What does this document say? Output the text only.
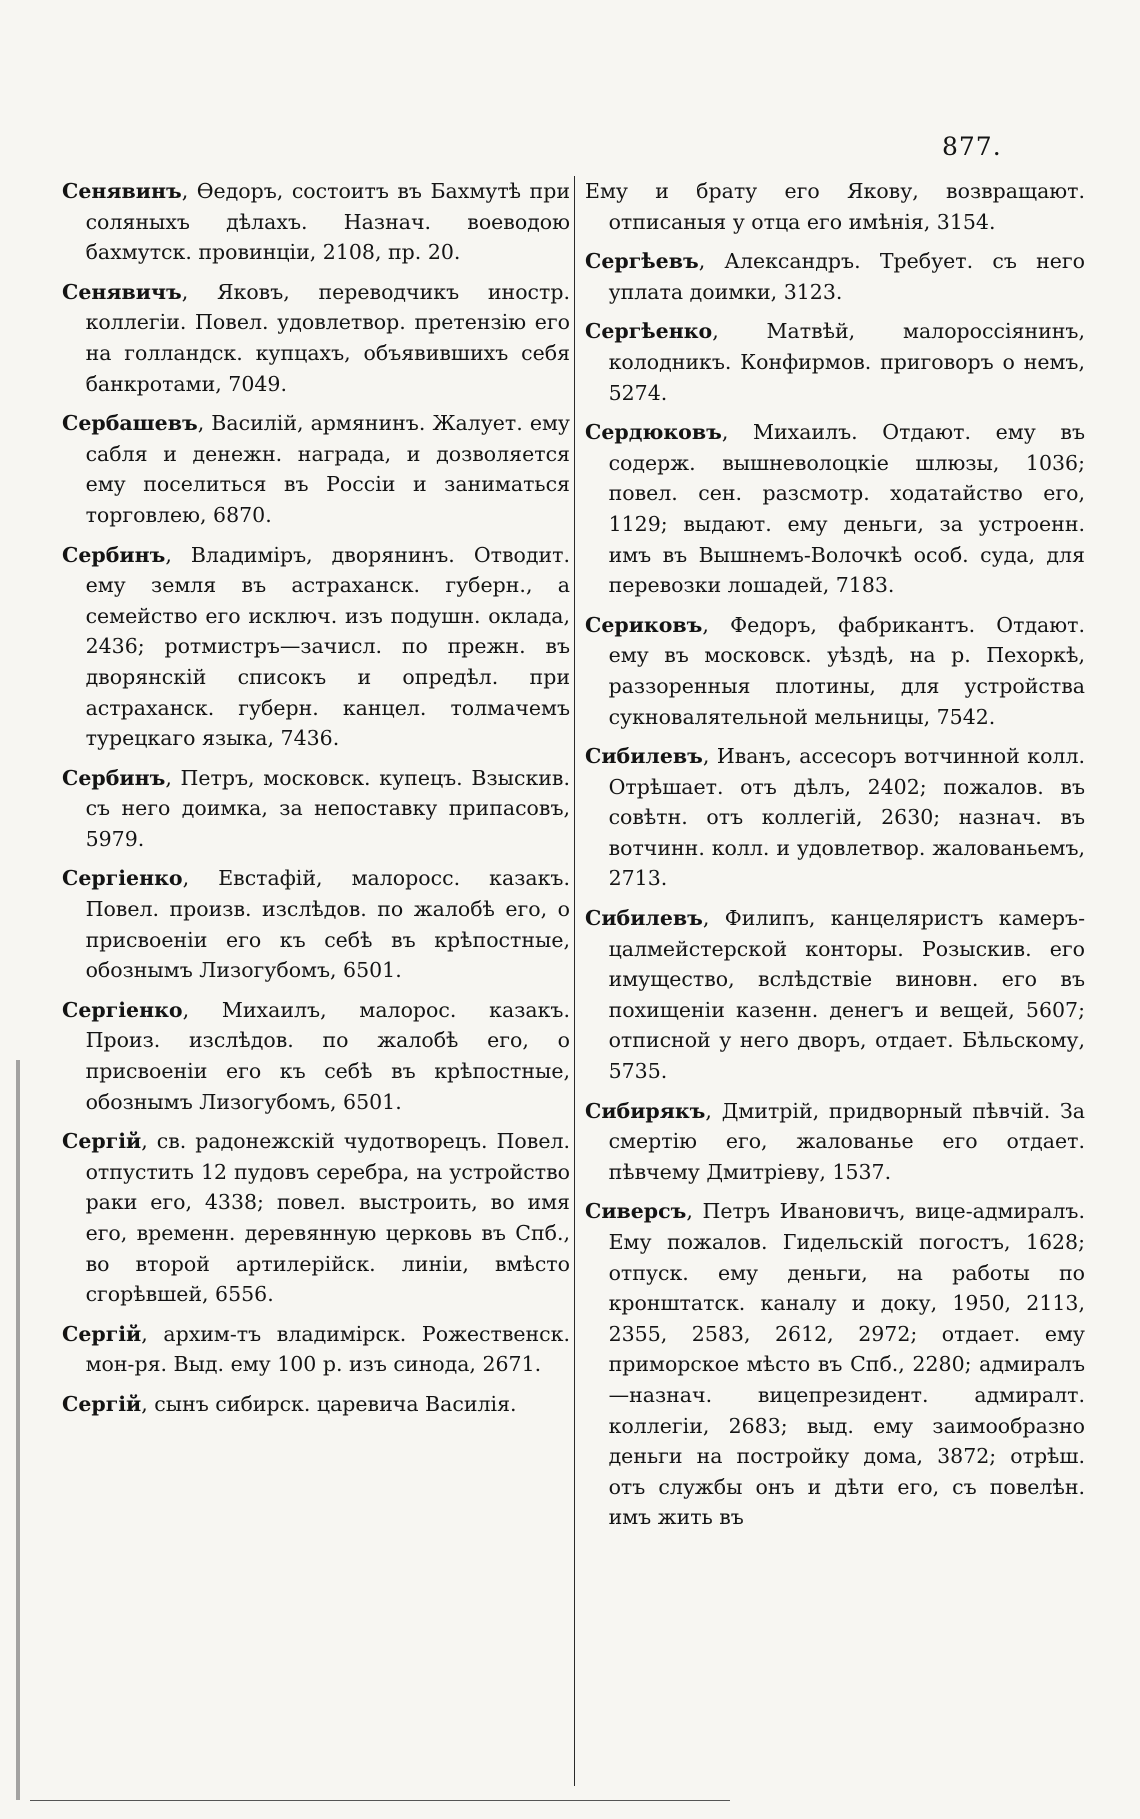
877.

Сенявинъ, Өедоръ, состоитъ въ Бахмутѣ при соляныхъ дѣлахъ. Назнач. воеводою бахмутск. провинціи, 2108, пр. 20.

Сенявичъ, Яковъ, переводчикъ иностр. коллегіи. Повел. удовлетвор. претензію его на голландск. купцахъ, объявившихъ себя банкротами, 7049.

Сербашевъ, Василій, армянинъ. Жалует. ему сабля и денежн. награда, и дозволяется ему поселиться въ Россіи и заниматься торговлею, 6870.

Сербинъ, Владиміръ, дворянинъ. Отводит. ему земля въ астраханск. губерн., а семейство его исключ. изъ подушн. оклада, 2436; ротмистръ—зачисл. по прежн. въ дворянскій списокъ и опредѣл. при астраханск. губерн. канцел. толмачемъ турецкаго языка, 7436.

Сербинъ, Петръ, московск. купецъ. Взыскив. съ него доимка, за непоставку припасовъ, 5979.

Сергіенко, Евстафій, малоросс. казакъ. Повел. произв. изслѣдов. по жалобѣ его, о присвоеніи его къ себѣ въ крѣпостные, обознымъ Лизогубомъ, 6501.

Сергіенко, Михаилъ, малорос. казакъ. Произ. изслѣдов. по жалобѣ его, о присвоеніи его къ себѣ въ крѣпостные, обознымъ Лизогубомъ, 6501.

Сергій, св. радонежскій чудотворецъ. Повел. отпустить 12 пудовъ серебра, на устройство раки его, 4338; повел. выстроить, во имя его, временн. деревянную церковь въ Спб., во второй артилерійск. линіи, вмѣсто сгорѣвшей, 6556.

Сергій, архим-тъ владимірск. Рожественск. мон-ря. Выд. ему 100 р. изъ синода, 2671.

Сергій, сынъ сибирск. царевича Василія.

Ему и брату его Якову, возвращают. отписаныя у отца его имѣнія, 3154.

Сергѣевъ, Александръ. Требует. съ него уплата доимки, 3123.

Сергѣенко, Матвѣй, малороссіянинъ, колодникъ. Конфирмов. приговоръ о немъ, 5274.

Сердюковъ, Михаилъ. Отдают. ему въ содерж. вышневолоцкіе шлюзы, 1036; повел. сен. разсмотр. ходатайство его, 1129; выдают. ему деньги, за устроенн. имъ въ Вышнемъ-Волочкѣ особ. суда, для перевозки лошадей, 7183.

Сериковъ, Федоръ, фабрикантъ. Отдают. ему въ московск. уѣздѣ, на р. Пехоркѣ, раззоренныя плотины, для устройства сукновалятельной мельницы, 7542.

Сибилевъ, Иванъ, ассесоръ вотчинной колл. Отрѣшает. отъ дѣлъ, 2402; пожалов. въ совѣтн. отъ коллегій, 2630; назнач. въ вотчинн. колл. и удовлетвор. жалованьемъ, 2713.

Сибилевъ, Филипъ, канцеляристъ камеръ-цалмейстерской конторы. Розыскив. его имущество, вслѣдствіе виновн. его въ похищеніи казенн. денегъ и вещей, 5607; отписной у него дворъ, отдает. Бѣльскому, 5735.

Сибирякъ, Дмитрій, придворный пѣвчій. За смертію его, жалованье его отдает. пѣвчему Дмитріеву, 1537.

Сиверсъ, Петръ Ивановичъ, вице-адмиралъ. Ему пожалов. Гидельскій погостъ, 1628; отпуск. ему деньги, на работы по кронштатск. каналу и доку, 1950, 2113, 2355, 2583, 2612, 2972; отдает. ему приморское мѣсто въ Спб., 2280; адмиралъ—назнач. вицепрезидент. адмиралт. коллегіи, 2683; выд. ему заимообразно деньги на постройку дома, 3872; отрѣш. отъ службы онъ и дѣти его, съ повелѣн. имъ жить въ
